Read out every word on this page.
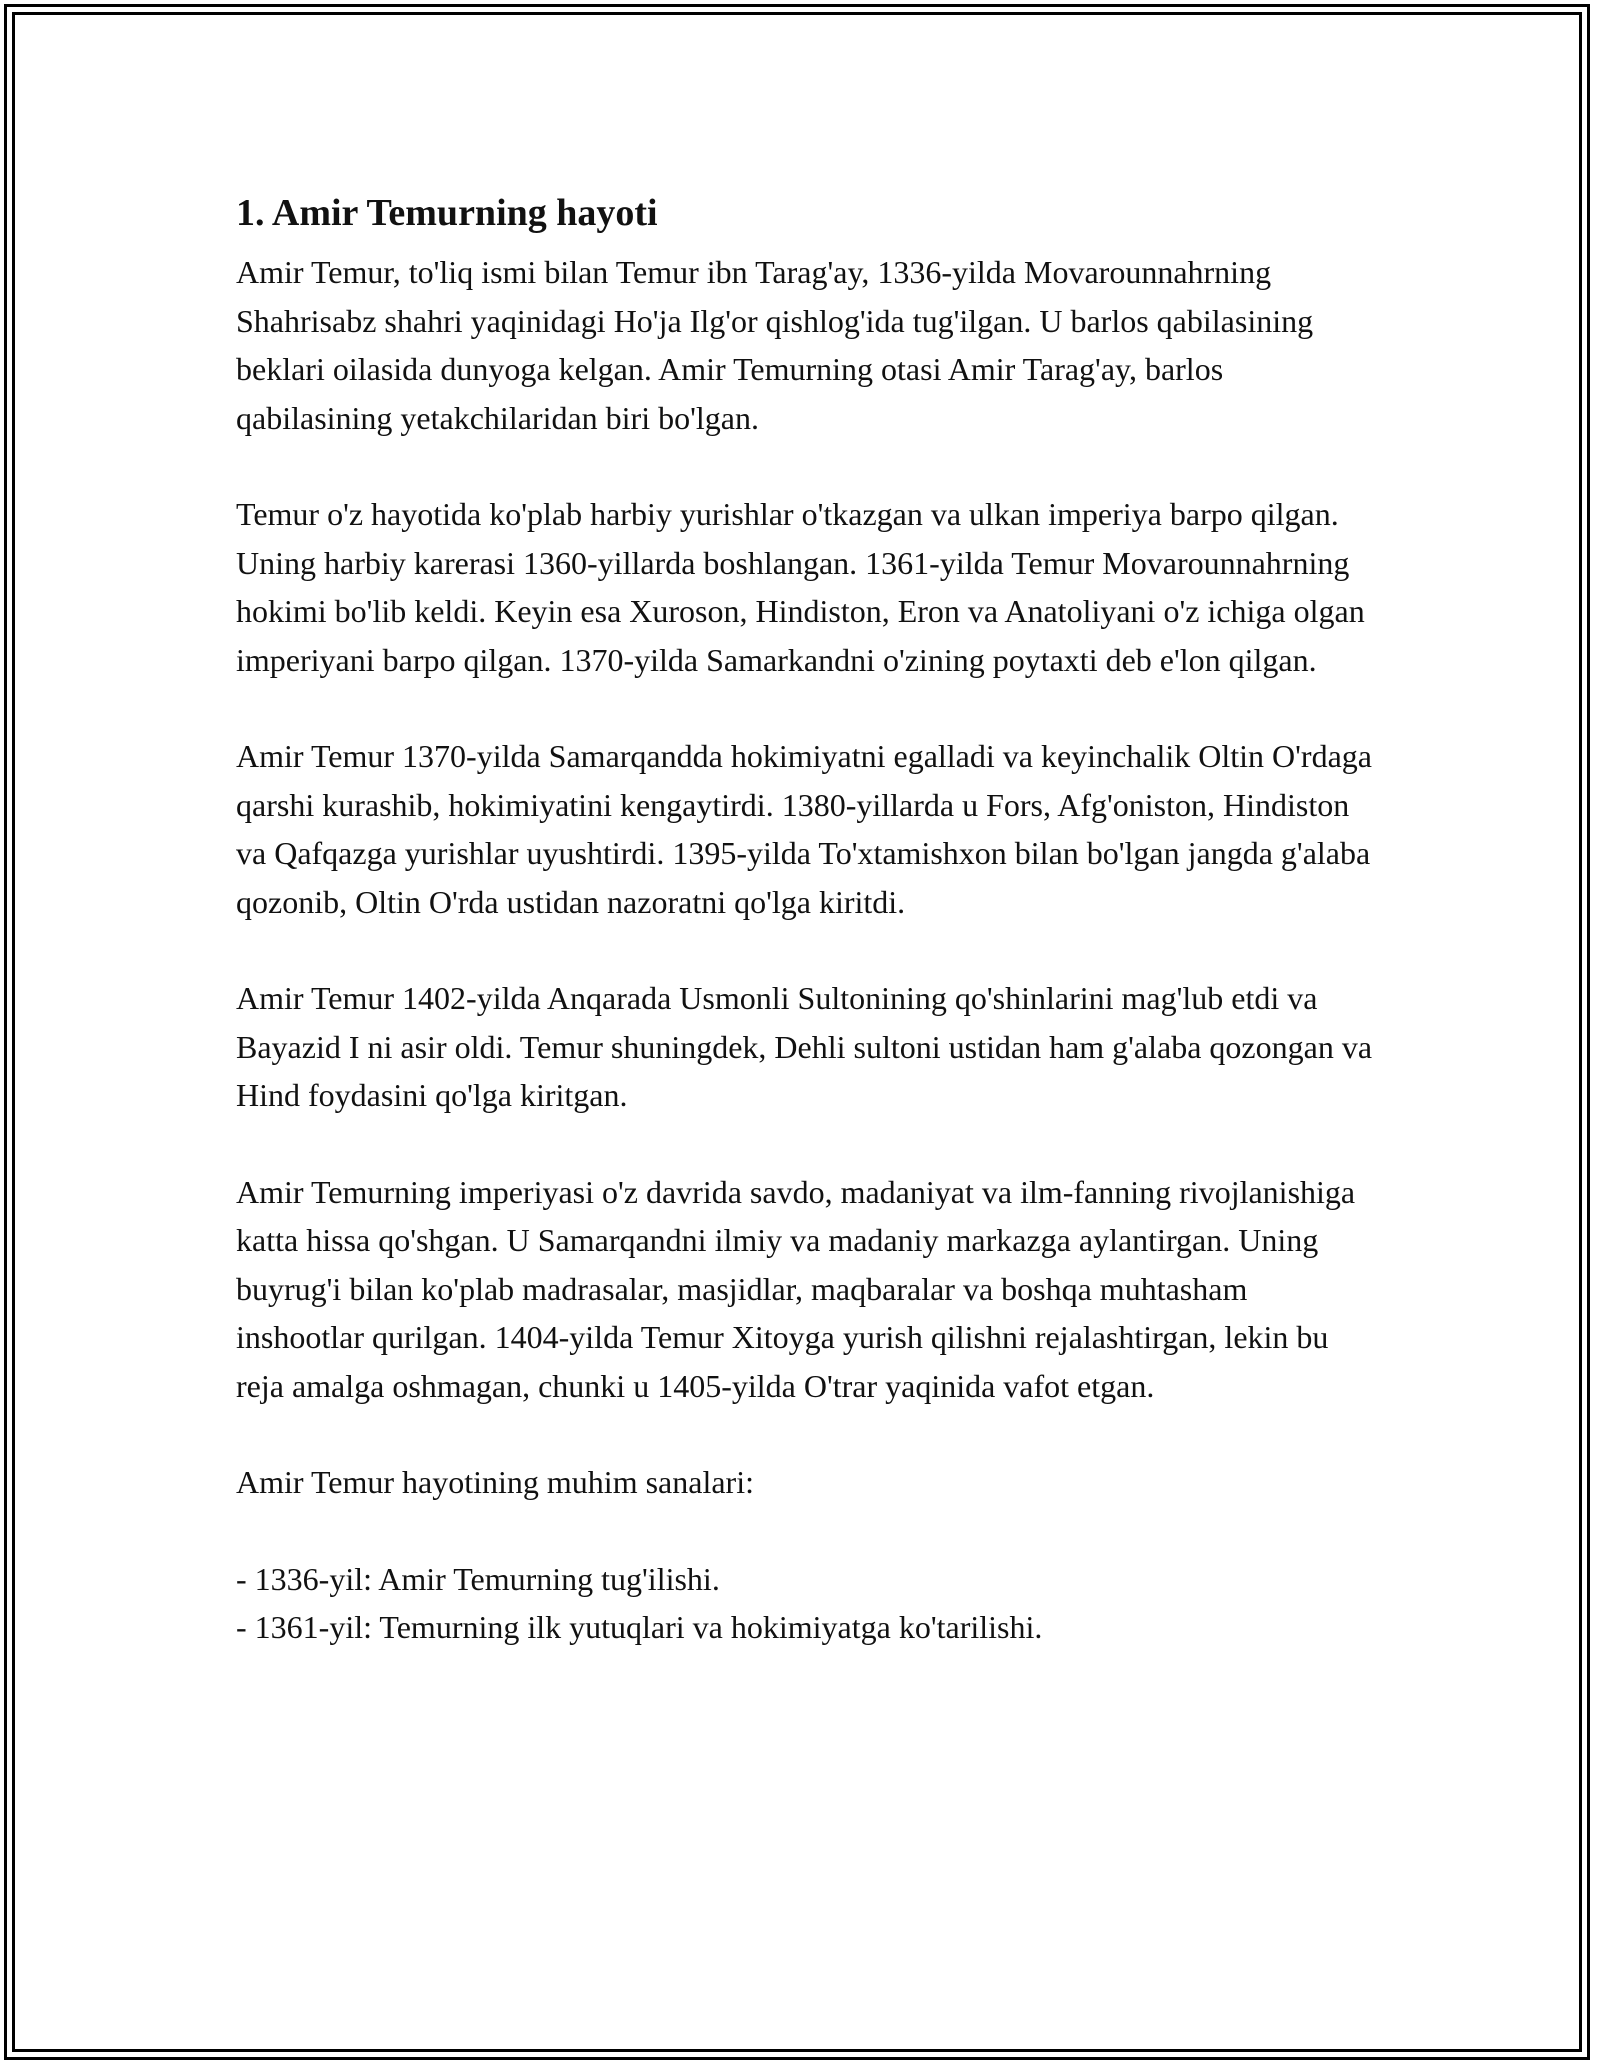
1. Amir Temurning hayoti

Amir Temur, to'liq ismi bilan Temur ibn Tarag'ay, 1336-yilda Movarounnahrning Shahrisabz shahri yaqinidagi Ho'ja Ilg'or qishlog'ida tug'ilgan. U barlos qabilasining beklari oilasida dunyoga kelgan. Amir Temurning otasi Amir Tarag'ay, barlos qabilasining yetakchilaridan biri bo'lgan.

Temur o'z hayotida ko'plab harbiy yurishlar o'tkazgan va ulkan imperiya barpo qilgan. Uning harbiy karerasi 1360-yillarda boshlangan. 1361-yilda Temur Movarounnahrning hokimi bo'lib keldi. Keyin esa Xuroson, Hindiston, Eron va Anatoliyani o'z ichiga olgan imperiyani barpo qilgan. 1370-yilda Samarkandni o'zining poytaxti deb e'lon qilgan.

Amir Temur 1370-yilda Samarqandda hokimiyatni egalladi va keyinchalik Oltin O'rdaga qarshi kurashib, hokimiyatini kengaytirdi. 1380-yillarda u Fors, Afg'oniston, Hindiston va Qafqazga yurishlar uyushtirdi. 1395-yilda To'xtamishxon bilan bo'lgan jangda g'alaba qozonib, Oltin O'rda ustidan nazoratni qo'lga kiritdi.

Amir Temur 1402-yilda Anqarada Usmonli Sultonining qo'shinlarini mag'lub etdi va Bayazid I ni asir oldi. Temur shuningdek, Dehli sultoni ustidan ham g'alaba qozongan va Hind foydasini qo'lga kiritgan.

Amir Temurning imperiyasi o'z davrida savdo, madaniyat va ilm-fanning rivojlanishiga katta hissa qo'shgan. U Samarqandni ilmiy va madaniy markazga aylantirgan. Uning buyrug'i bilan ko'plab madrasalar, masjidlar, maqbaralar va boshqa muhtasham inshootlar qurilgan. 1404-yilda Temur Xitoyga yurish qilishni rejalashtirgan, lekin bu reja amalga oshmagan, chunki u 1405-yilda O'trar yaqinida vafot etgan.

Amir Temur hayotining muhim sanalari:

- 1336-yil: Amir Temurning tug'ilishi.
- 1361-yil: Temurning ilk yutuqlari va hokimiyatga ko'tarilishi.
